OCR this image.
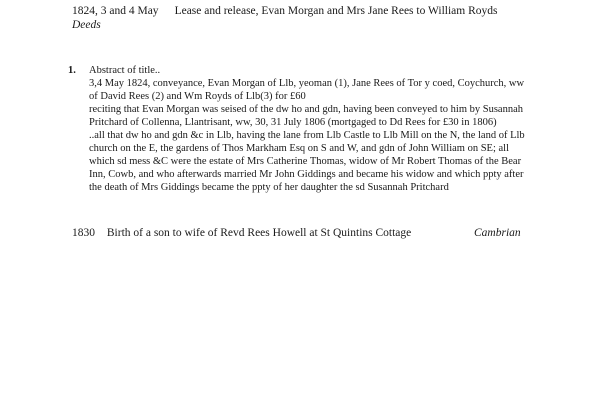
1824, 3 and 4 May Lease and release, Evan Morgan and Mrs Jane Rees to William Royds
Deeds
1. Abstract of title..
3,4 May 1824, conveyance, Evan Morgan of Llb, yeoman (1), Jane Rees of Tor y coed, Coychurch, ww
of David Rees (2) and Wm Royds of Llb(3) for £60
reciting that Evan Morgan was seised of the dw ho and gdn, having been conveyed to him by Susannah
Pritchard of Collenna, Llantrisant, ww, 30, 31 July 1806 (mortgaged to Dd Rees for £30 in 1806)
..all that dw ho and gdn &c in Llb, having the lane from Llb Castle to Llb Mill on the N, the land of Llb
church on the E, the gardens of Thos Markham Esq on S and W, and gdn of John William on SE; all
which sd mess &C were the estate of Mrs Catherine Thomas, widow of Mr Robert Thomas of the Bear
Inn, Cowb, and who afterwards married Mr John Giddings and became his widow and which ppty after
the death of Mrs Giddings became the ppty of her daughter the sd Susannah Pritchard
1830 Birth of a son to wife of Revd Rees Howell at St Quintins Cottage	Cambrian
